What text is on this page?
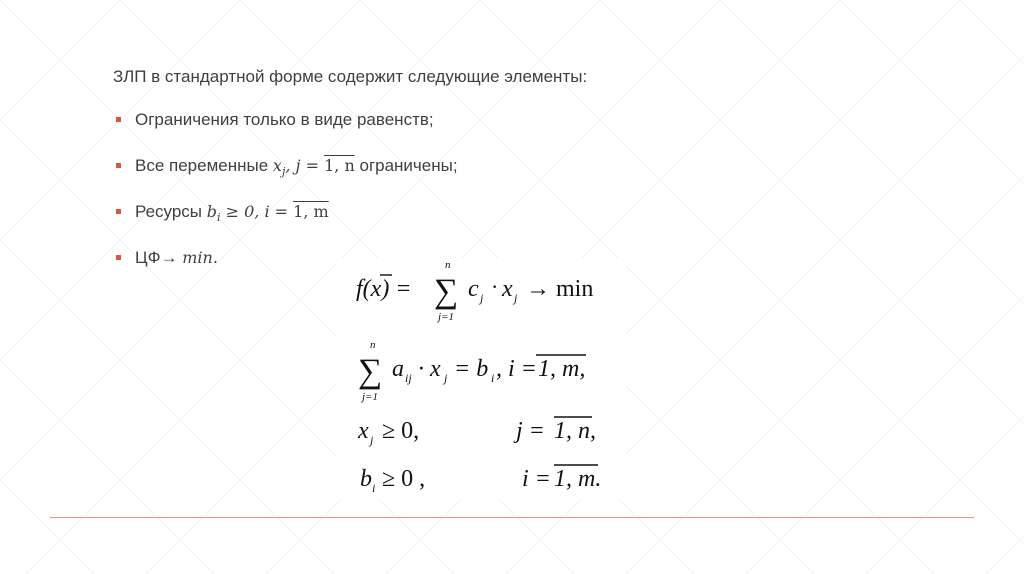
ЗЛП в стандартной форме содержит следующие элементы:
Ограничения только в виде равенств;
Все переменные $x_j$, j = 1, n ограничены;
Ресурсы $b_i \ge 0$, i = 1, m
ЦФ→ min.
f(x) =
n
∑
j=1
c j · x j → min
n
∑
j=1
a ij · x j = b i , i = 1, m,
x j ≥ 0,	j = 1, n,
b i ≥ 0 ,	i = 1, m.
